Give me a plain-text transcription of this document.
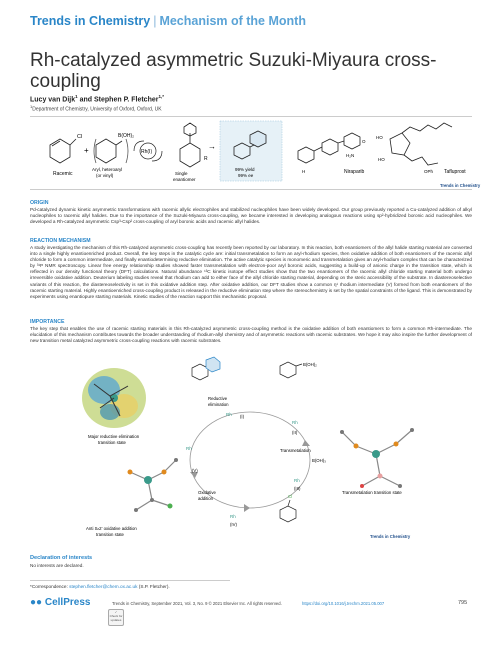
Trends in Chemistry | Mechanism of the Month
Rh-catalyzed asymmetric Suzuki-Miyaura cross-coupling
Lucy van Dijk$^1$ and Stephen P. Fletcher$^{1,*}$
$^1$Department of Chemistry, University of Oxford, Oxford, UK
Cl
Racemic
+
B(OH)₂
Aryl, heteroaryl
(or vinyl)
Rh(I)
R
Single
enantiomer
→
99% yield
99% ee
H
H₂N
O
Niraparib
HO
HO
OPh Tafluprost
Trends in Chemistry
ORIGIN
Pd-catalyzed dynamic kinetic asymmetric transformations with racemic allylic electrophiles and stabilized nucleophiles have been widely developed. Our group previously reported a Cu-catalyzed addition of alkyl nucleophiles to racemic allyl halides. Due to the importance of the Suzuki-Miyaura cross-coupling, we became interested in developing analogous reactions using sp²-hybridized boronic acid nucleophiles. We developed a Rh-catalyzed asymmetric Csp³-Csp² cross-coupling of aryl boronic acids and racemic allyl halides.
REACTION MECHANISM
A study investigating the mechanism of this Rh-catalyzed asymmetric cross-coupling has recently been reported by our laboratory. In this reaction, both enantiomers of the allyl halide starting material are converted into a single highly enantioenriched product. Overall, the key steps in the catalytic cycle are: initial transmetalation to form an aryl-rhodium species, then oxidative addition of both enantiomers of the racemic allyl chloride to form a common intermediate, and finally enantiodetermining reductive elimination. The active catalytic species is monomeric and transmetalation gives an aryl-rhodium complex that can be characterized by ³¹P NMR spectroscopy. Linear free energy relationship studies showed faster transmetalation with electron-poor aryl boronic acids, suggesting a build-up of anionic charge in the transition state, which is reflected in our density functional theory (DFT) calculations. Natural abundance ¹³C kinetic isotope effect studies show that the two enantiomers of the racemic allyl chloride starting material both undergo irreversible oxidative addition. Deuterium labeling studies reveal that rhodium can add to either face of the allyl chloride starting material, depending on the steric accessibility of the substrate. In diastereoselective variants of this reaction, the diastereoselectivity is set in this oxidative addition step. After oxidative addition, our DFT studies show a common η¹ rhodium intermediate (V) formed from both enantiomers of the racemic starting material. Highly enantioenriched cross-coupling product is released in the reductive elimination step where the stereochemistry is set by the spatial constraints of the ligand. This is demonstrated by experiments using enantiopure starting materials. Kinetic studies of the reaction support this mechanistic proposal.
IMPORTANCE
The key step that enables the use of racemic starting materials in this Rh-catalyzed asymmetric cross-coupling method is the oxidative addition of both enantiomers to form a common Rh-intermediate. The elucidation of this mechanism contributes towards the broader understanding of rhodium-allyl chemistry and of asymmetric reactions with racemic substrates. We hope it may also inspire the further development of new transition metal catalyzed asymmetric cross-coupling reactions with racemic substrates.
Major reductive elimination
transition state
Anti Sₙ2' oxidative addition
transition state
Transmetalation transition state
B(OH)₂
Rh (I)
Rh
(II)
Rh
(III)
Rh
(IV)
Rh
(V)
Reductive
elimination
Transmetalation
B(OH)₃
Oxidative
addition	Cl
Trends in Chemistry
Declaration of interests
No interests are declared.
*Correspondence: stephen.fletcher@chem.ox.ac.uk (S.P. Fletcher).
●● CellPress	Trends in Chemistry, September 2021, Vol. 3, No. 9 © 2021 Elsevier Inc. All rights reserved.	https://doi.org/10.1016/j.trechm.2021.05.007	795
✓
Check for updates
